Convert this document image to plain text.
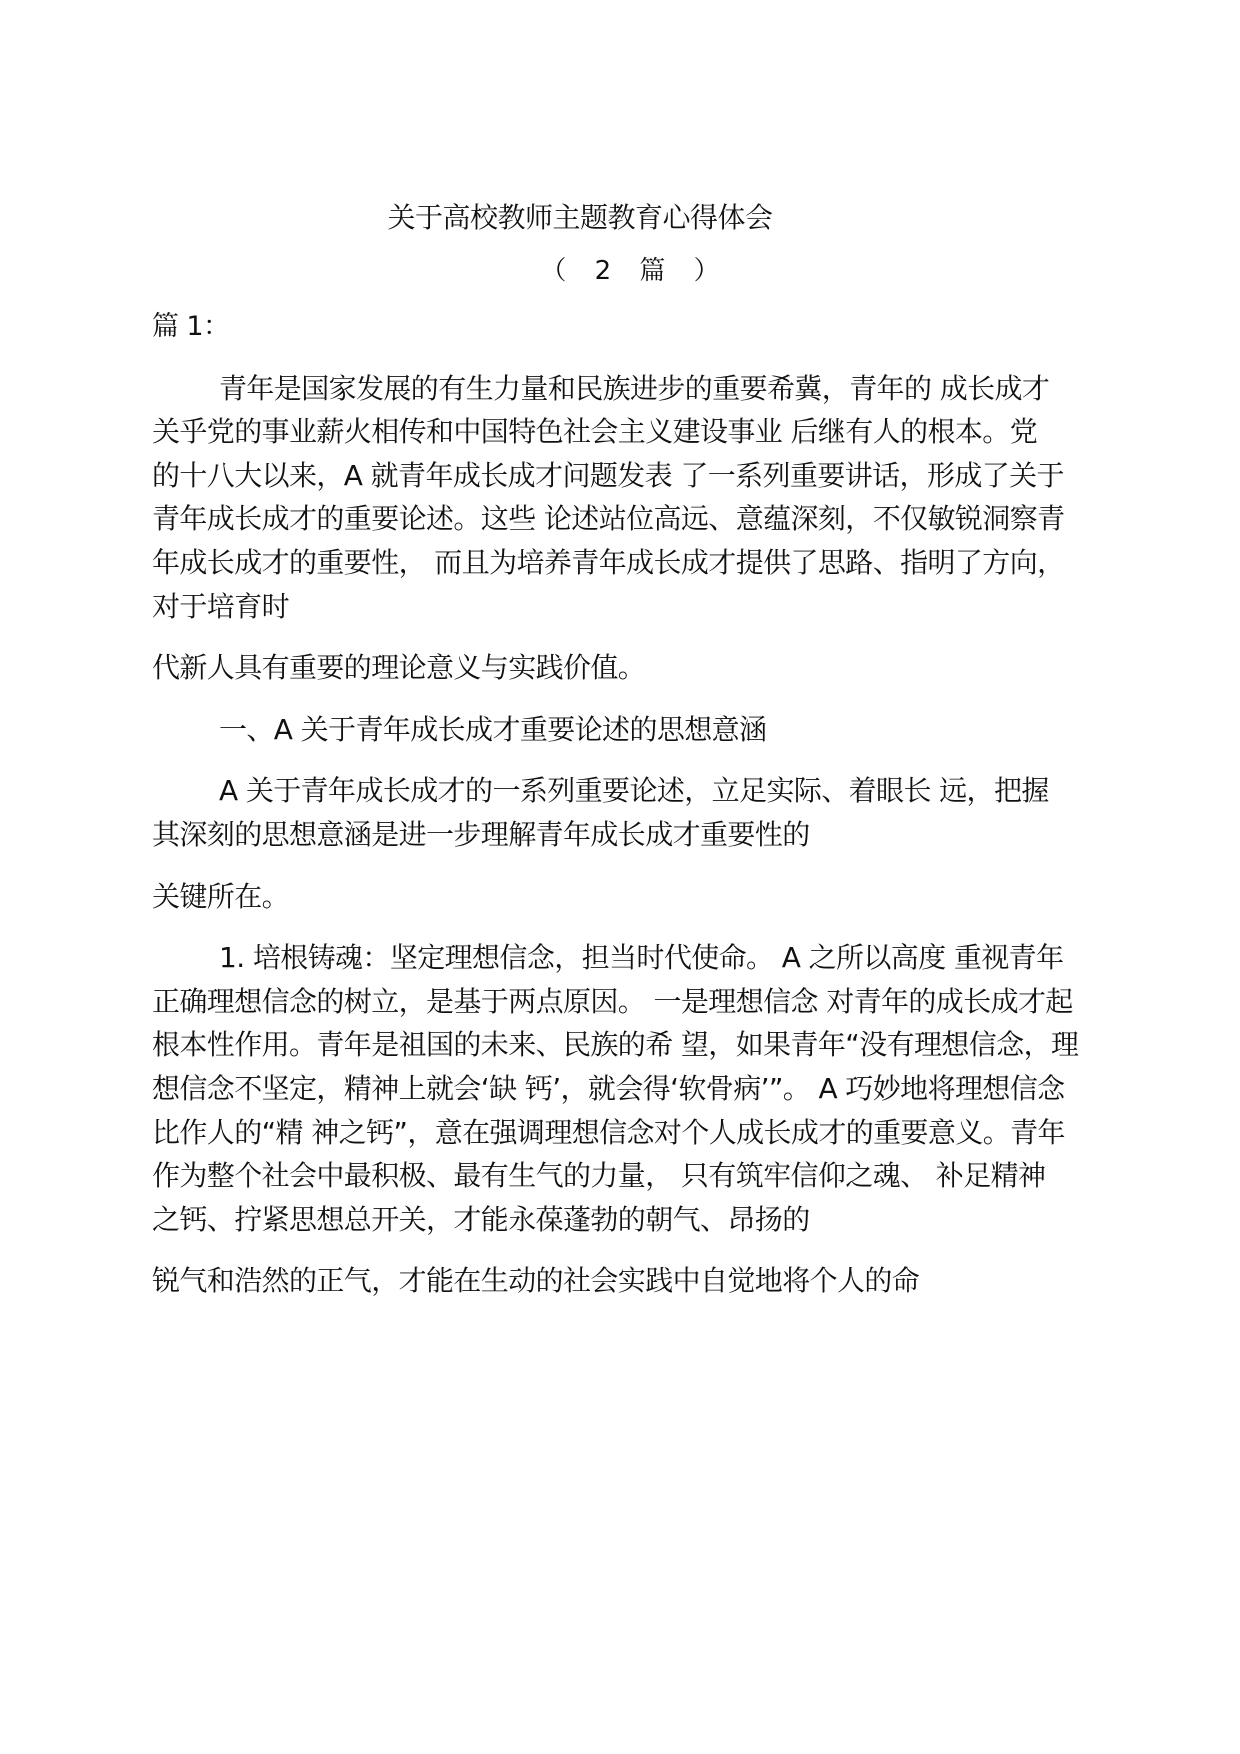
关于高校教师主题教育心得体会
（ 2 篇 ）
篇 1：
青年是国家发展的有生力量和民族进步的重要希冀，青年的 成长成才
关乎党的事业薪火相传和中国特色社会主义建设事业 后继有人的根本。党
的十八大以来，A 就青年成长成才问题发表 了一系列重要讲话，形成了关于
青年成长成才的重要论述。这些 论述站位高远、意蕴深刻，不仅敏锐洞察青
年成长成才的重要性， 而且为培养青年成长成才提供了思路、指明了方向，
对于培育时
代新人具有重要的理论意义与实践价值。
一、A 关于青年成长成才重要论述的思想意涵
A 关于青年成长成才的一系列重要论述，立足实际、着眼长 远，把握
其深刻的思想意涵是进一步理解青年成长成才重要性的
关键所在。
1. 培根铸魂：坚定理想信念，担当时代使命。 A 之所以高度 重视青年
正确理想信念的树立，是基于两点原因。 一是理想信念 对青年的成长成才起
根本性作用。青年是祖国的未来、民族的希 望，如果青年“没有理想信念，理
想信念不坚定，精神上就会‘缺 钙’，就会得‘软骨病’”。 A 巧妙地将理想信念
比作人的“精 神之钙”，意在强调理想信念对个人成长成才的重要意义。青年
作为整个社会中最积极、最有生气的力量， 只有筑牢信仰之魂、 补足精神
之钙、拧紧思想总开关，才能永葆蓬勃的朝气、昂扬的
锐气和浩然的正气，才能在生动的社会实践中自觉地将个人的命
